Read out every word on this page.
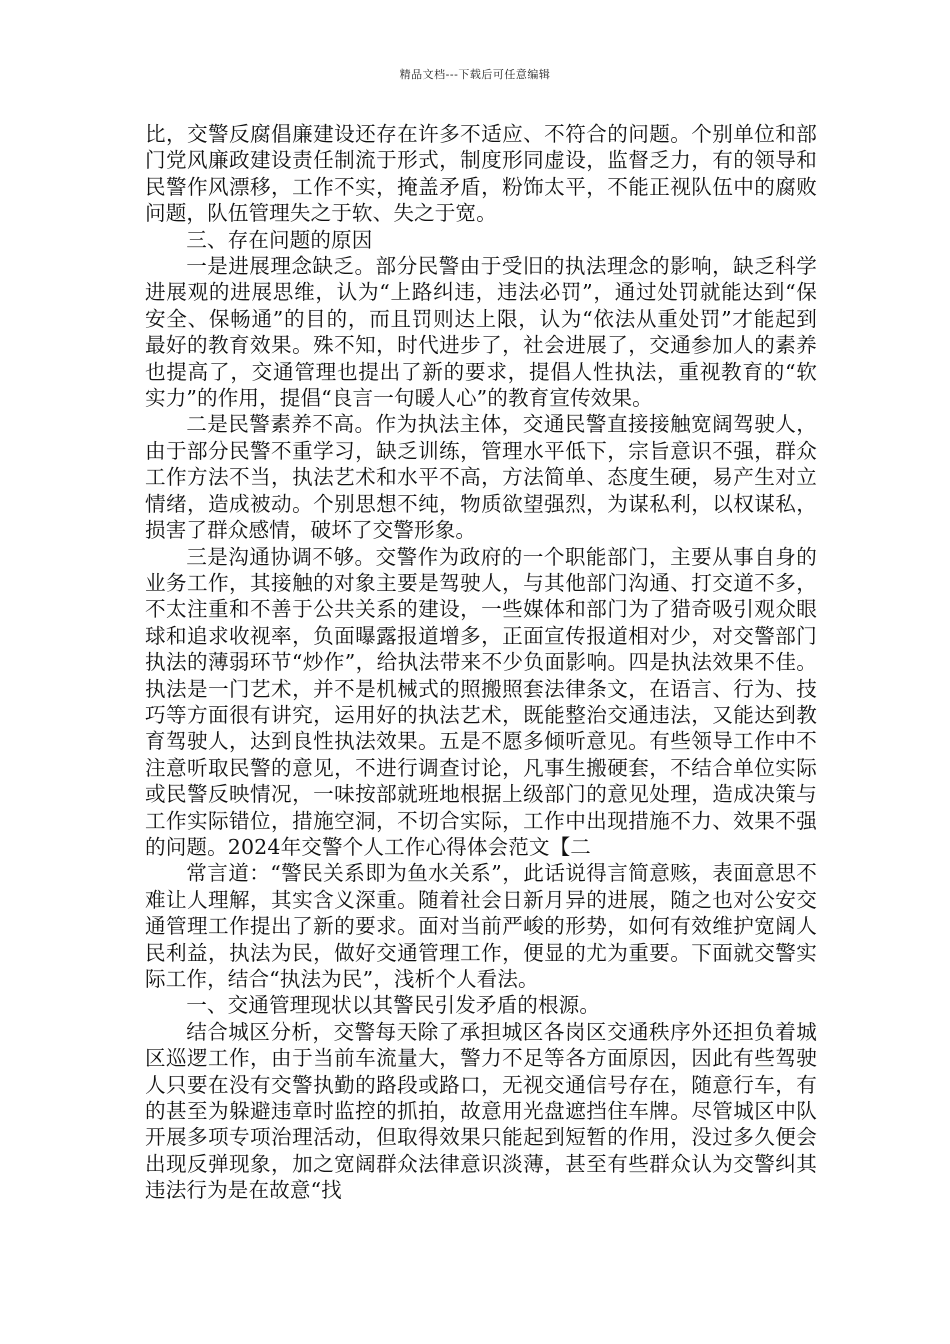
精品文档---下载后可任意编辑

比，交警反腐倡廉建设还存在许多不适应、不符合的问题。个别单位和部门党风廉政建设责任制流于形式，制度形同虚设，监督乏力，有的领导和民警作风漂移，工作不实，掩盖矛盾，粉饰太平，不能正视队伍中的腐败问题，队伍管理失之于软、失之于宽。

三、存在问题的原因

一是进展理念缺乏。部分民警由于受旧的执法理念的影响，缺乏科学进展观的进展思维，认为“上路纠违，违法必罚”，通过处罚就能达到“保安全、保畅通”的目的，而且罚则达上限，认为“依法从重处罚”才能起到最好的教育效果。殊不知，时代进步了，社会进展了，交通参加人的素养也提高了，交通管理也提出了新的要求，提倡人性执法，重视教育的“软实力”的作用，提倡“良言一句暖人心”的教育宣传效果。

二是民警素养不高。作为执法主体，交通民警直接接触宽阔驾驶人，由于部分民警不重学习，缺乏训练，管理水平低下，宗旨意识不强，群众工作方法不当，执法艺术和水平不高，方法简单、态度生硬，易产生对立情绪，造成被动。个别思想不纯，物质欲望强烈，为谋私利，以权谋私，损害了群众感情，破坏了交警形象。

三是沟通协调不够。交警作为政府的一个职能部门，主要从事自身的业务工作，其接触的对象主要是驾驶人，与其他部门沟通、打交道不多，不太注重和不善于公共关系的建设，一些媒体和部门为了猎奇吸引观众眼球和追求收视率，负面曝露报道增多，正面宣传报道相对少，对交警部门执法的薄弱环节“炒作”，给执法带来不少负面影响。四是执法效果不佳。执法是一门艺术，并不是机械式的照搬照套法律条文，在语言、行为、技巧等方面很有讲究，运用好的执法艺术，既能整治交通违法，又能达到教育驾驶人，达到良性执法效果。五是不愿多倾听意见。有些领导工作中不注意听取民警的意见，不进行调查讨论，凡事生搬硬套，不结合单位实际或民警反映情况，一味按部就班地根据上级部门的意见处理，造成决策与工作实际错位，措施空洞，不切合实际，工作中出现措施不力、效果不强的问题。2024年交警个人工作心得体会范文【二

常言道：“警民关系即为鱼水关系”，此话说得言简意赅，表面意思不难让人理解，其实含义深重。随着社会日新月异的进展，随之也对公安交通管理工作提出了新的要求。面对当前严峻的形势，如何有效维护宽阔人民利益，执法为民，做好交通管理工作，便显的尤为重要。下面就交警实际工作，结合“执法为民”，浅析个人看法。

一、交通管理现状以其警民引发矛盾的根源。

结合城区分析，交警每天除了承担城区各岗区交通秩序外还担负着城区巡逻工作，由于当前车流量大，警力不足等各方面原因，因此有些驾驶人只要在没有交警执勤的路段或路口，无视交通信号存在，随意行车，有的甚至为躲避违章时监控的抓拍，故意用光盘遮挡住车牌。尽管城区中队开展多项专项治理活动，但取得效果只能起到短暂的作用，没过多久便会出现反弹现象，加之宽阔群众法律意识淡薄，甚至有些群众认为交警纠其违法行为是在故意“找
